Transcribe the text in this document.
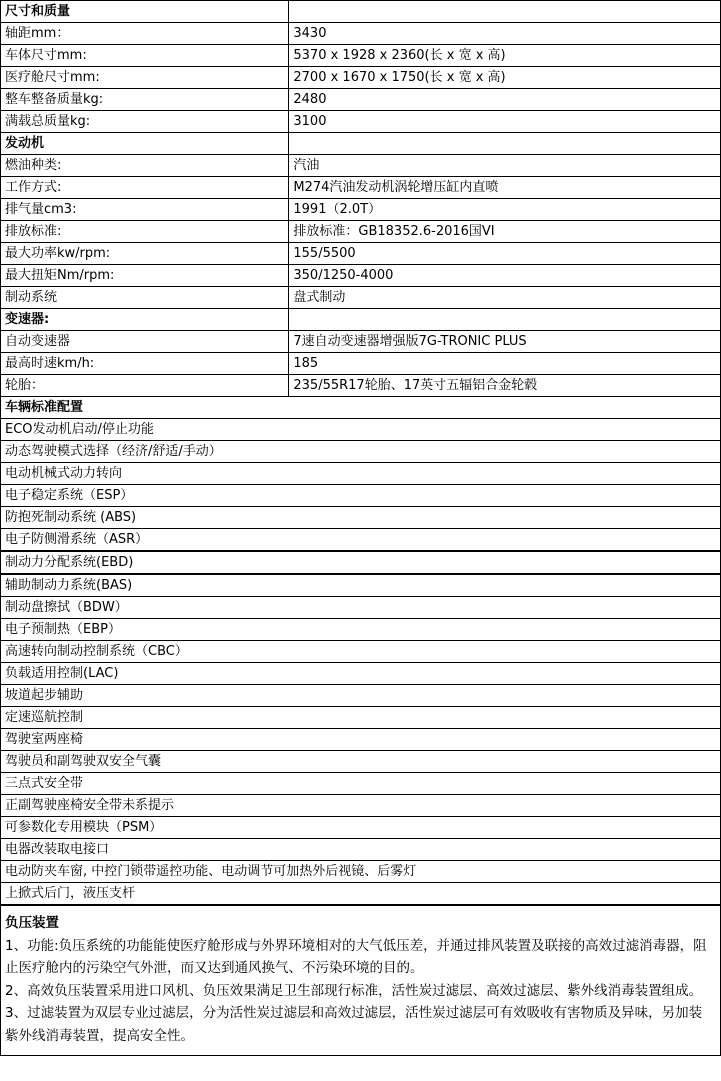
尺寸和质量	
轴距mm：	3430
车体尺寸mm:	5370 x 1928 x 2360(长 x 宽 x 高)
医疗舱尺寸mm:	2700 x 1670 x 1750(长 x 宽 x 高)
整车整备质量kg:	2480
满载总质量kg:	3100
发动机	
燃油种类:	汽油
工作方式:	M274汽油发动机涡轮增压缸内直喷
排气量cm3:	1991（2.0T）
排放标准:	排放标准：GB18352.6-2016国VI
最大功率kw/rpm:	155/5500
最大扭矩Nm/rpm:	350/1250-4000
制动系统	盘式制动
变速器:	
自动变速器	7速自动变速器增强版7G-TRONIC PLUS
最高时速km/h:	185
轮胎：	235/55R17轮胎、17英寸五辐铝合金轮毂
车辆标准配置	
ECO发动机启动/停止功能	
动态驾驶模式选择（经济/舒适/手动）	
电动机械式动力转向	
电子稳定系统（ESP）	
防抱死制动系统 (ABS)	
电子防侧滑系统（ASR）	
制动力分配系统(EBD)	
辅助制动力系统(BAS)	
制动盘擦拭（BDW）	
电子预制热（EBP）	
高速转向制动控制系统（CBC）	
负载适用控制(LAC)	
坡道起步辅助	
定速巡航控制	
驾驶室两座椅	
驾驶员和副驾驶双安全气囊	
三点式安全带	
正副驾驶座椅安全带未系提示	
可参数化专用模块（PSM）	
电器改装取电接口	
电动防夹车窗, 中控门锁带遥控功能、电动调节可加热外后视镜、后雾灯	
上掀式后门，液压支杆	
负压装置

1、功能:负压系统的功能能使医疗舱形成与外界环境相对的大气低压差，并通过排风装置及联接的高效过滤消毒器，阻止医疗舱内的污染空气外泄，而又达到通风换气、不污染环境的目的。

2、高效负压装置采用进口风机、负压效果满足卫生部现行标准，活性炭过滤层、高效过滤层、紫外线消毒装置组成。

3、过滤装置为双层专业过滤层，分为活性炭过滤层和高效过滤层，活性炭过滤层可有效吸收有害物质及异味，另加装紫外线消毒装置，提高安全性。
